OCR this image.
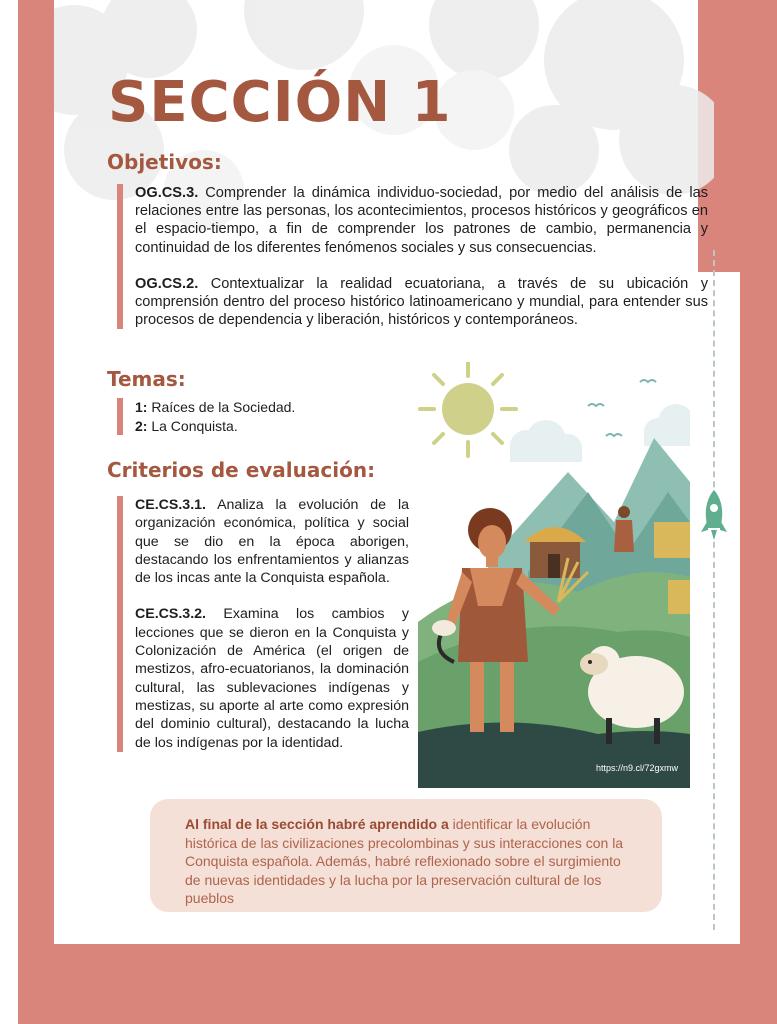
SECCIÓN 1
Objetivos:

OG.CS.3. Comprender la dinámica individuo-sociedad, por medio del análisis de las relaciones entre las personas, los acontecimientos, procesos históricos y geográficos en el espacio-tiempo, a fin de comprender los patrones de cambio, permanencia y continuidad de los diferentes fenómenos sociales y sus consecuencias.

OG.CS.2. Contextualizar la realidad ecuatoriana, a través de su ubicación y comprensión dentro del proceso histórico latinoamericano y mundial, para entender sus procesos de dependencia y liberación, históricos y contemporáneos.

Temas:

1: Raíces de la Sociedad.

2: La Conquista.

Criterios de evaluación:

CE.CS.3.1. Analiza la evolución de la organización económica, política y social que se dio en la época aborigen, destacando los enfrentamientos y alianzas de los incas ante la Conquista española.

CE.CS.3.2. Examina los cambios y lecciones que se dieron en la Conquista y Colonización de América (el origen de mestizos, afro-ecuatorianos, la dominación cultural, las sublevaciones indígenas y mestizas, su aporte al arte como expresión del dominio cultural), destacando la lucha de los indígenas por la identidad.

https://n9.cl/72gxmw

Al final de la sección habré aprendido a identificar la evolución histórica de las civilizaciones precolombinas y sus interacciones con la Conquista española. Además, habré reflexionado sobre el surgimiento de nuevas identidades y la lucha por la preservación cultural de los pueblos
